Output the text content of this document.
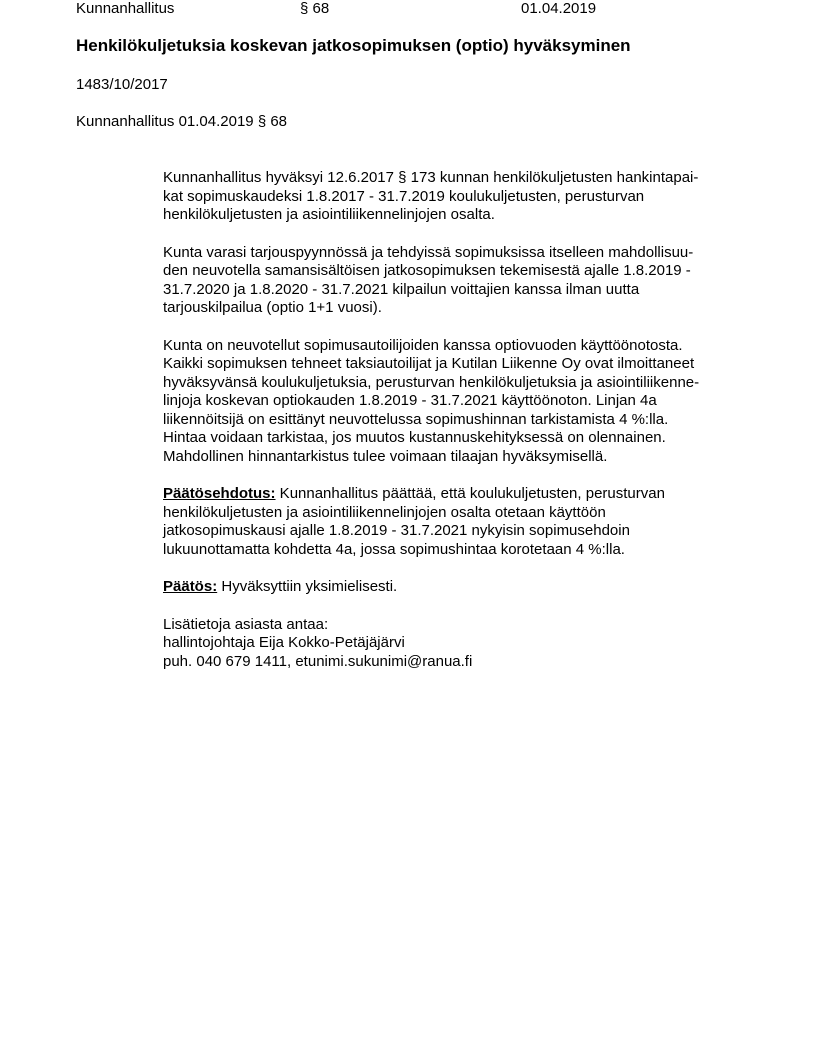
Kunnanhallitus	§ 68	01.04.2019
Henkilökuljetuksia koskevan jatkosopimuksen (optio) hyväksyminen
1483/10/2017
Kunnanhallitus 01.04.2019 § 68

Kunnanhallitus hyväksyi 12.6.2017 § 173 kunnan henkilökuljetusten hankintapai-
kat sopimuskaudeksi 1.8.2017 - 31.7.2019 koulukuljetusten, perusturvan
henkilökuljetusten ja asiointiliikennelinjojen osalta.

Kunta varasi tarjouspyynnössä ja tehdyissä sopimuksissa itselleen mahdollisuu-
den neuvotella samansisältöisen jatkosopimuksen tekemisestä ajalle 1.8.2019 -
31.7.2020 ja 1.8.2020 - 31.7.2021 kilpailun voittajien kanssa ilman uutta
tarjouskilpailua (optio 1+1 vuosi).

Kunta on neuvotellut sopimusautoilijoiden kanssa optiovuoden käyttöönotosta.
Kaikki sopimuksen tehneet taksiautoilijat ja Kutilan Liikenne Oy ovat ilmoittaneet
hyväksyvänsä koulukuljetuksia, perusturvan henkilökuljetuksia ja asiointiliikenne-
linjoja koskevan optiokauden 1.8.2019 - 31.7.2021 käyttöönoton. Linjan 4a
liikennöitsijä on esittänyt neuvottelussa sopimushinnan tarkistamista 4 %:lla.
Hintaa voidaan tarkistaa, jos muutos kustannuskehityksessä on olennainen.
Mahdollinen hinnantarkistus tulee voimaan tilaajan hyväksymisellä.

Päätösehdotus: Kunnanhallitus päättää, että koulukuljetusten, perusturvan
henkilökuljetusten ja asiointiliikennelinjojen osalta otetaan käyttöön
jatkosopimuskausi ajalle 1.8.2019 - 31.7.2021 nykyisin sopimusehdoin
lukuunottamatta kohdetta 4a, jossa sopimushintaa korotetaan 4 %:lla.

Päätös: Hyväksyttiin yksimielisesti.

Lisätietoja asiasta antaa:
hallintojohtaja Eija Kokko-Petäjäjärvi
puh. 040 679 1411, etunimi.sukunimi@ranua.fi
